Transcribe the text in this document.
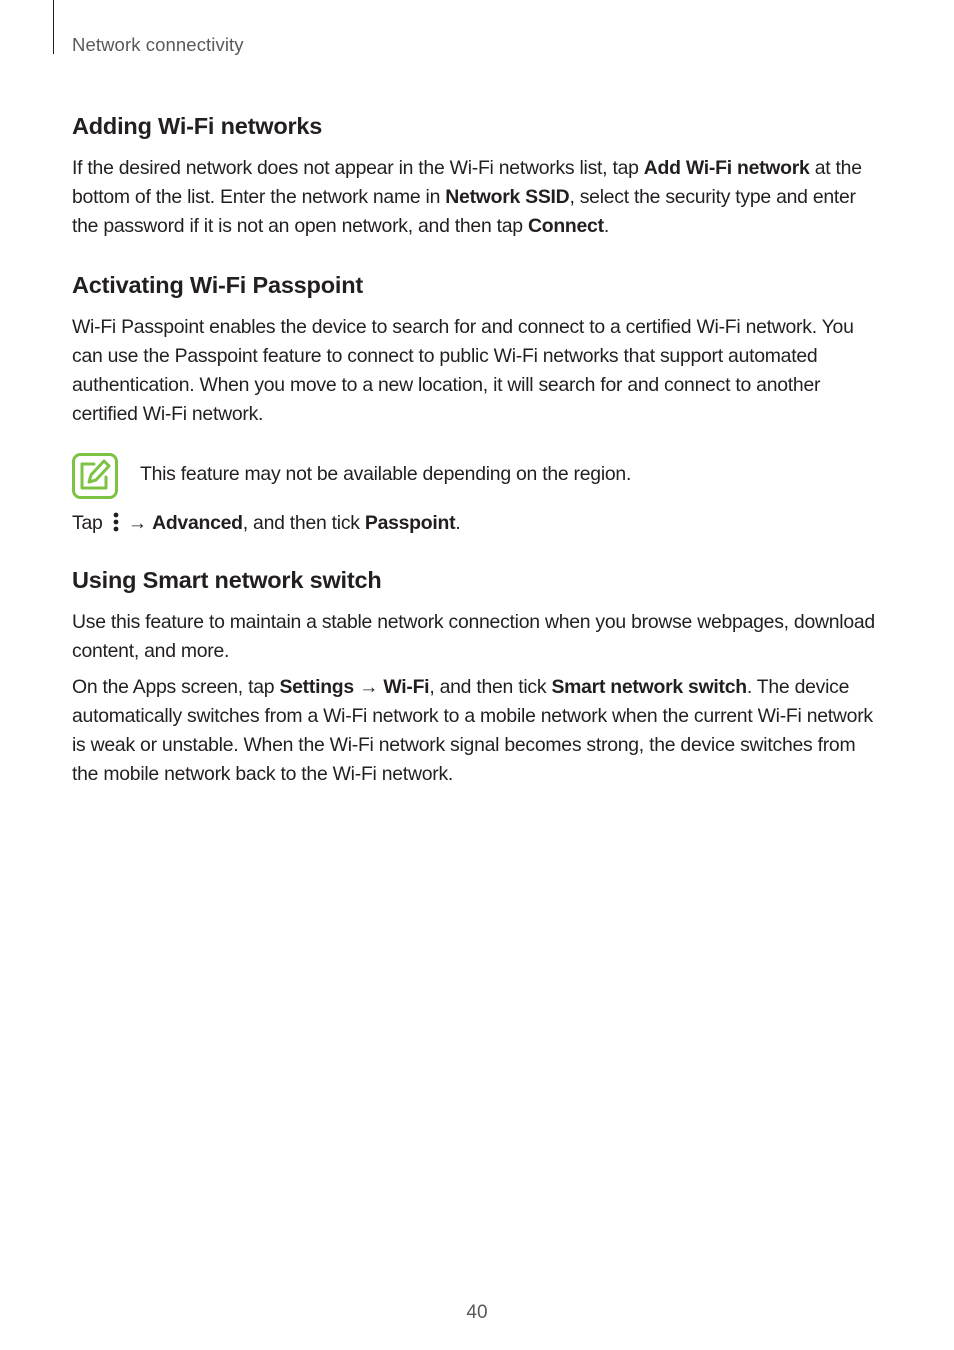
Network connectivity
Adding Wi-Fi networks

If the desired network does not appear in the Wi-Fi networks list, tap Add Wi-Fi network at the bottom of the list. Enter the network name in Network SSID, select the security type and enter the password if it is not an open network, and then tap Connect.

Activating Wi-Fi Passpoint

Wi-Fi Passpoint enables the device to search for and connect to a certified Wi-Fi network. You can use the Passpoint feature to connect to public Wi-Fi networks that support automated authentication. When you move to a new location, it will search for and connect to another certified Wi-Fi network.

This feature may not be available depending on the region.

Tap  → Advanced, and then tick Passpoint.

Using Smart network switch

Use this feature to maintain a stable network connection when you browse webpages, download content, and more.

On the Apps screen, tap Settings → Wi-Fi, and then tick Smart network switch. The device automatically switches from a Wi-Fi network to a mobile network when the current Wi-Fi network is weak or unstable. When the Wi-Fi network signal becomes strong, the device switches from the mobile network back to the Wi-Fi network.

40
